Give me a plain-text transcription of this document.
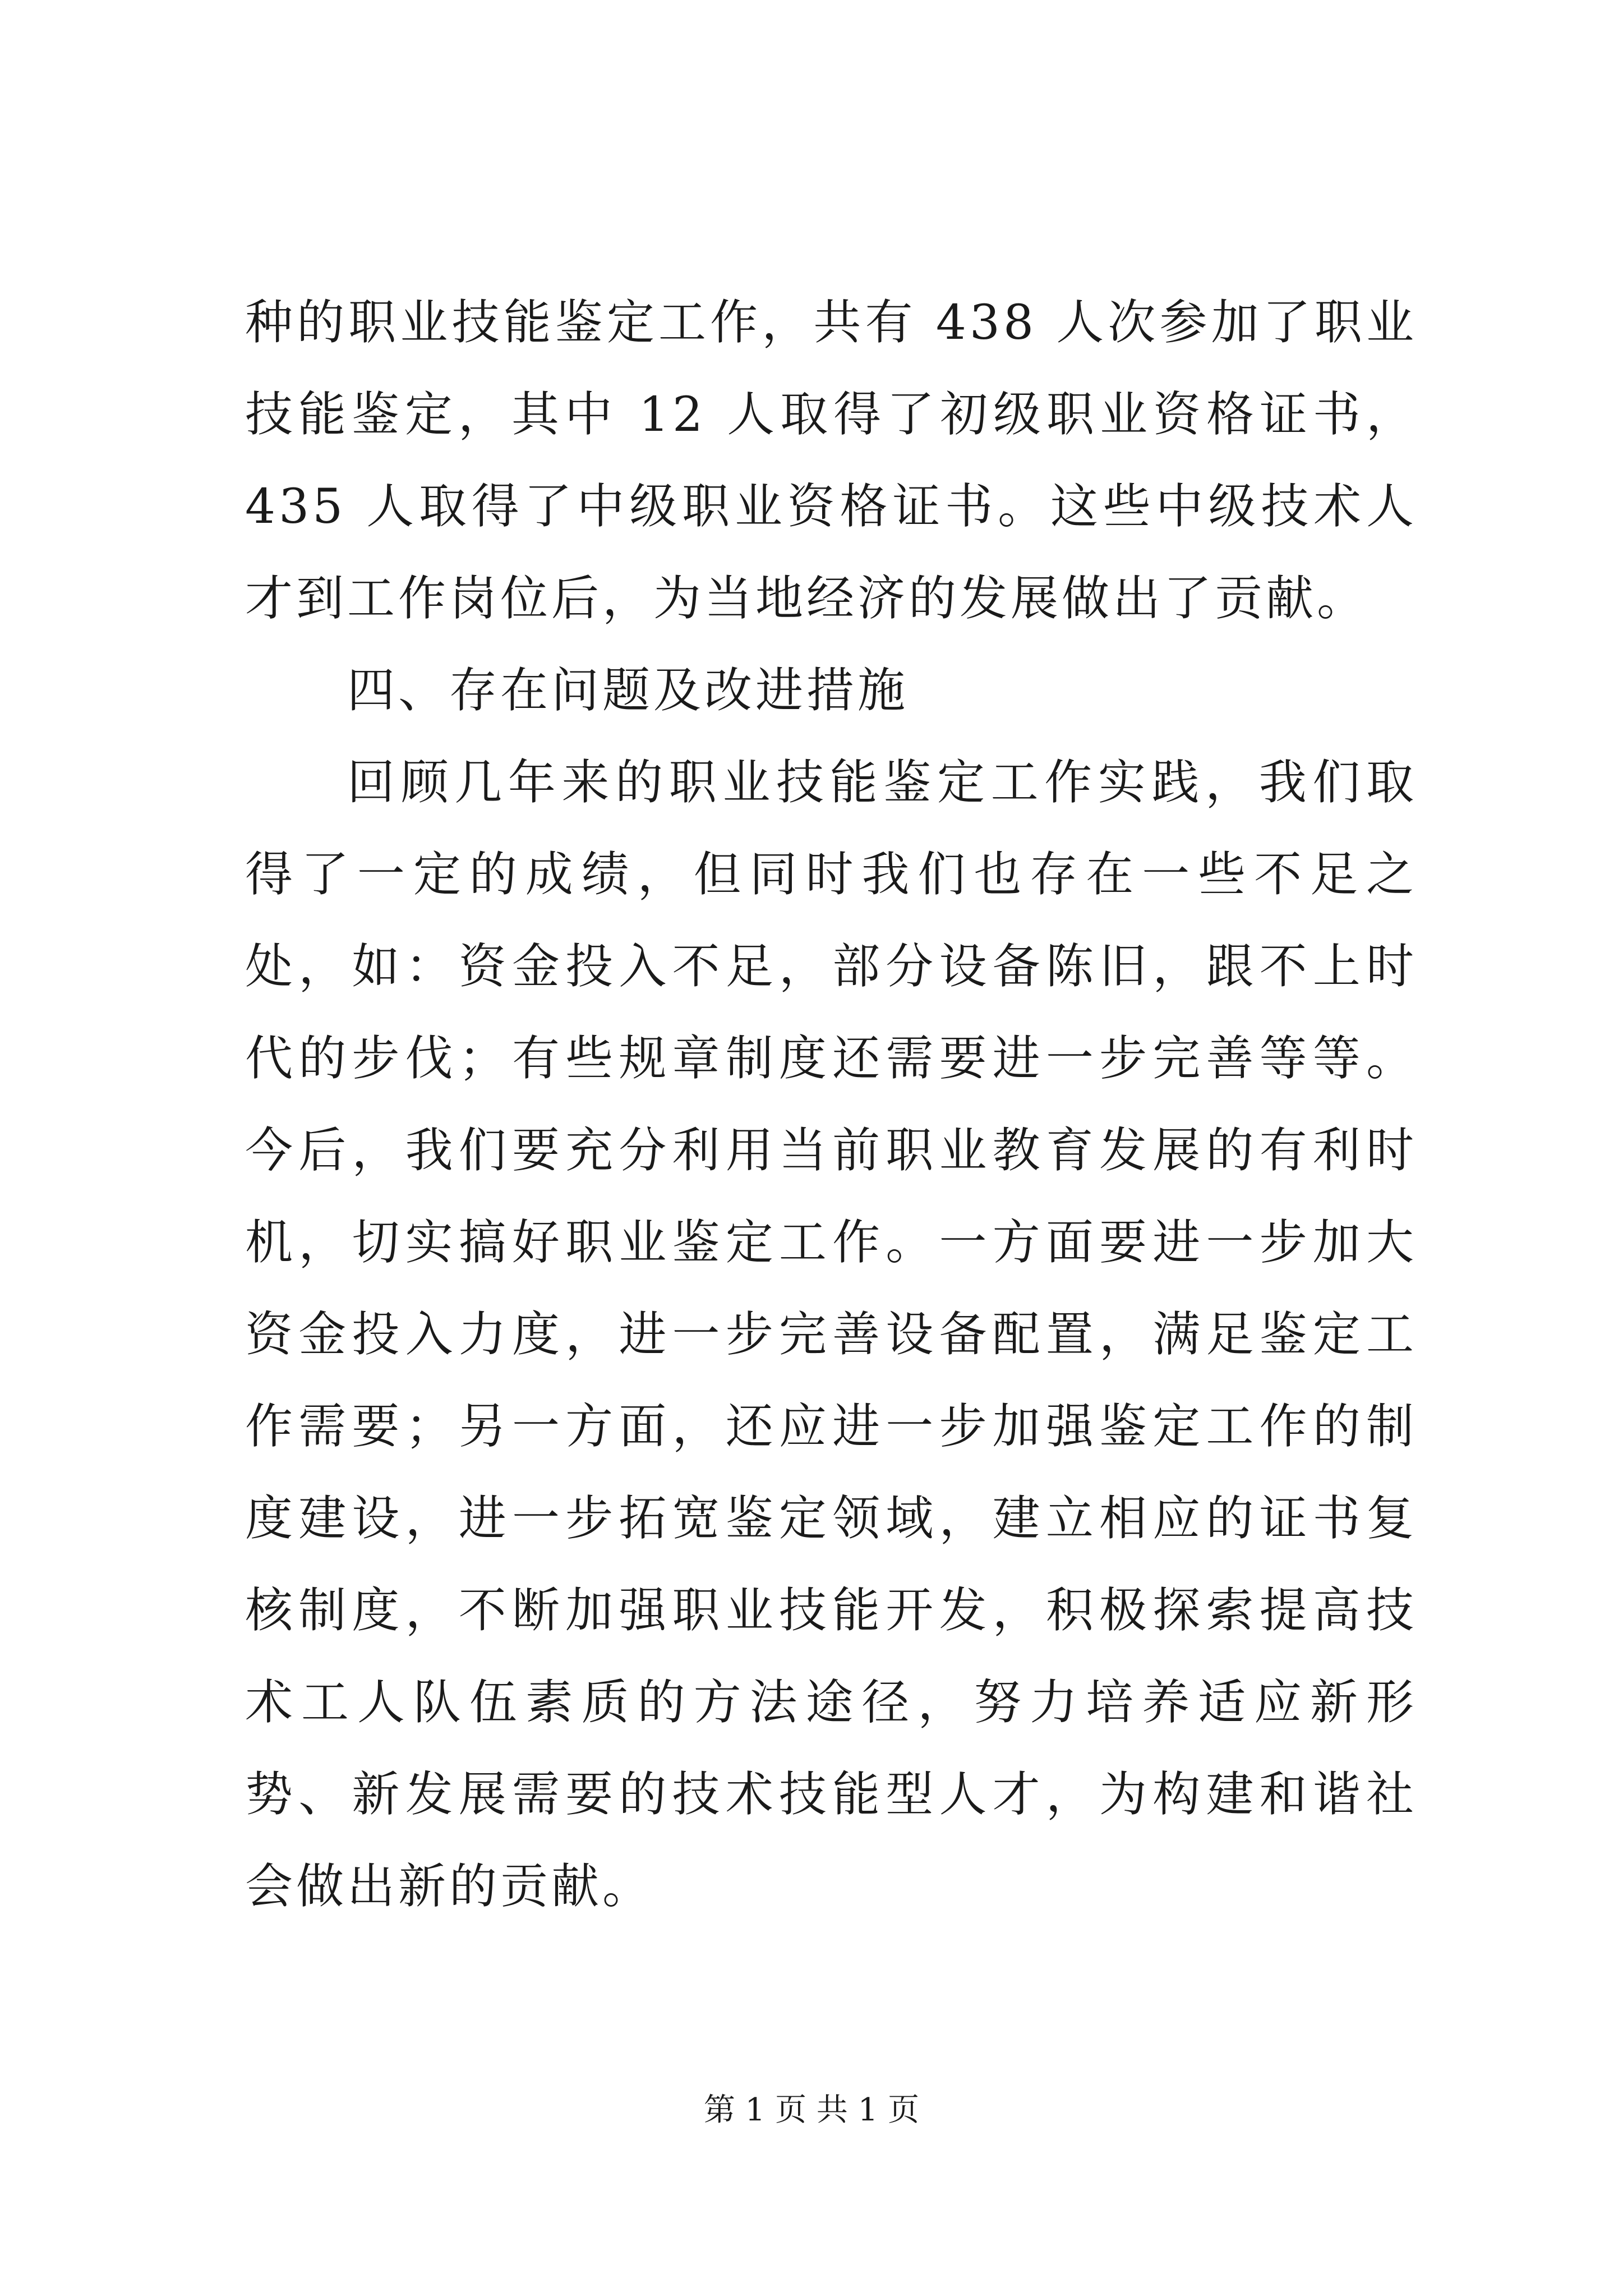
种的职业技能鉴定工作，共有 438 人次参加了职业技能鉴定，其中 12 人取得了初级职业资格证书，435 人取得了中级职业资格证书。这些中级技术人才到工作岗位后，为当地经济的发展做出了贡献。

四、存在问题及改进措施

回顾几年来的职业技能鉴定工作实践，我们取得了一定的成绩，但同时我们也存在一些不足之处，如：资金投入不足，部分设备陈旧，跟不上时代的步伐；有些规章制度还需要进一步完善等等。今后，我们要充分利用当前职业教育发展的有利时机，切实搞好职业鉴定工作。一方面要进一步加大资金投入力度，进一步完善设备配置，满足鉴定工作需要；另一方面，还应进一步加强鉴定工作的制度建设，进一步拓宽鉴定领域，建立相应的证书复核制度，不断加强职业技能开发，积极探索提高技术工人队伍素质的方法途径，努力培养适应新形势、新发展需要的技术技能型人才，为构建和谐社会做出新的贡献。

第 1 页 共 1 页
